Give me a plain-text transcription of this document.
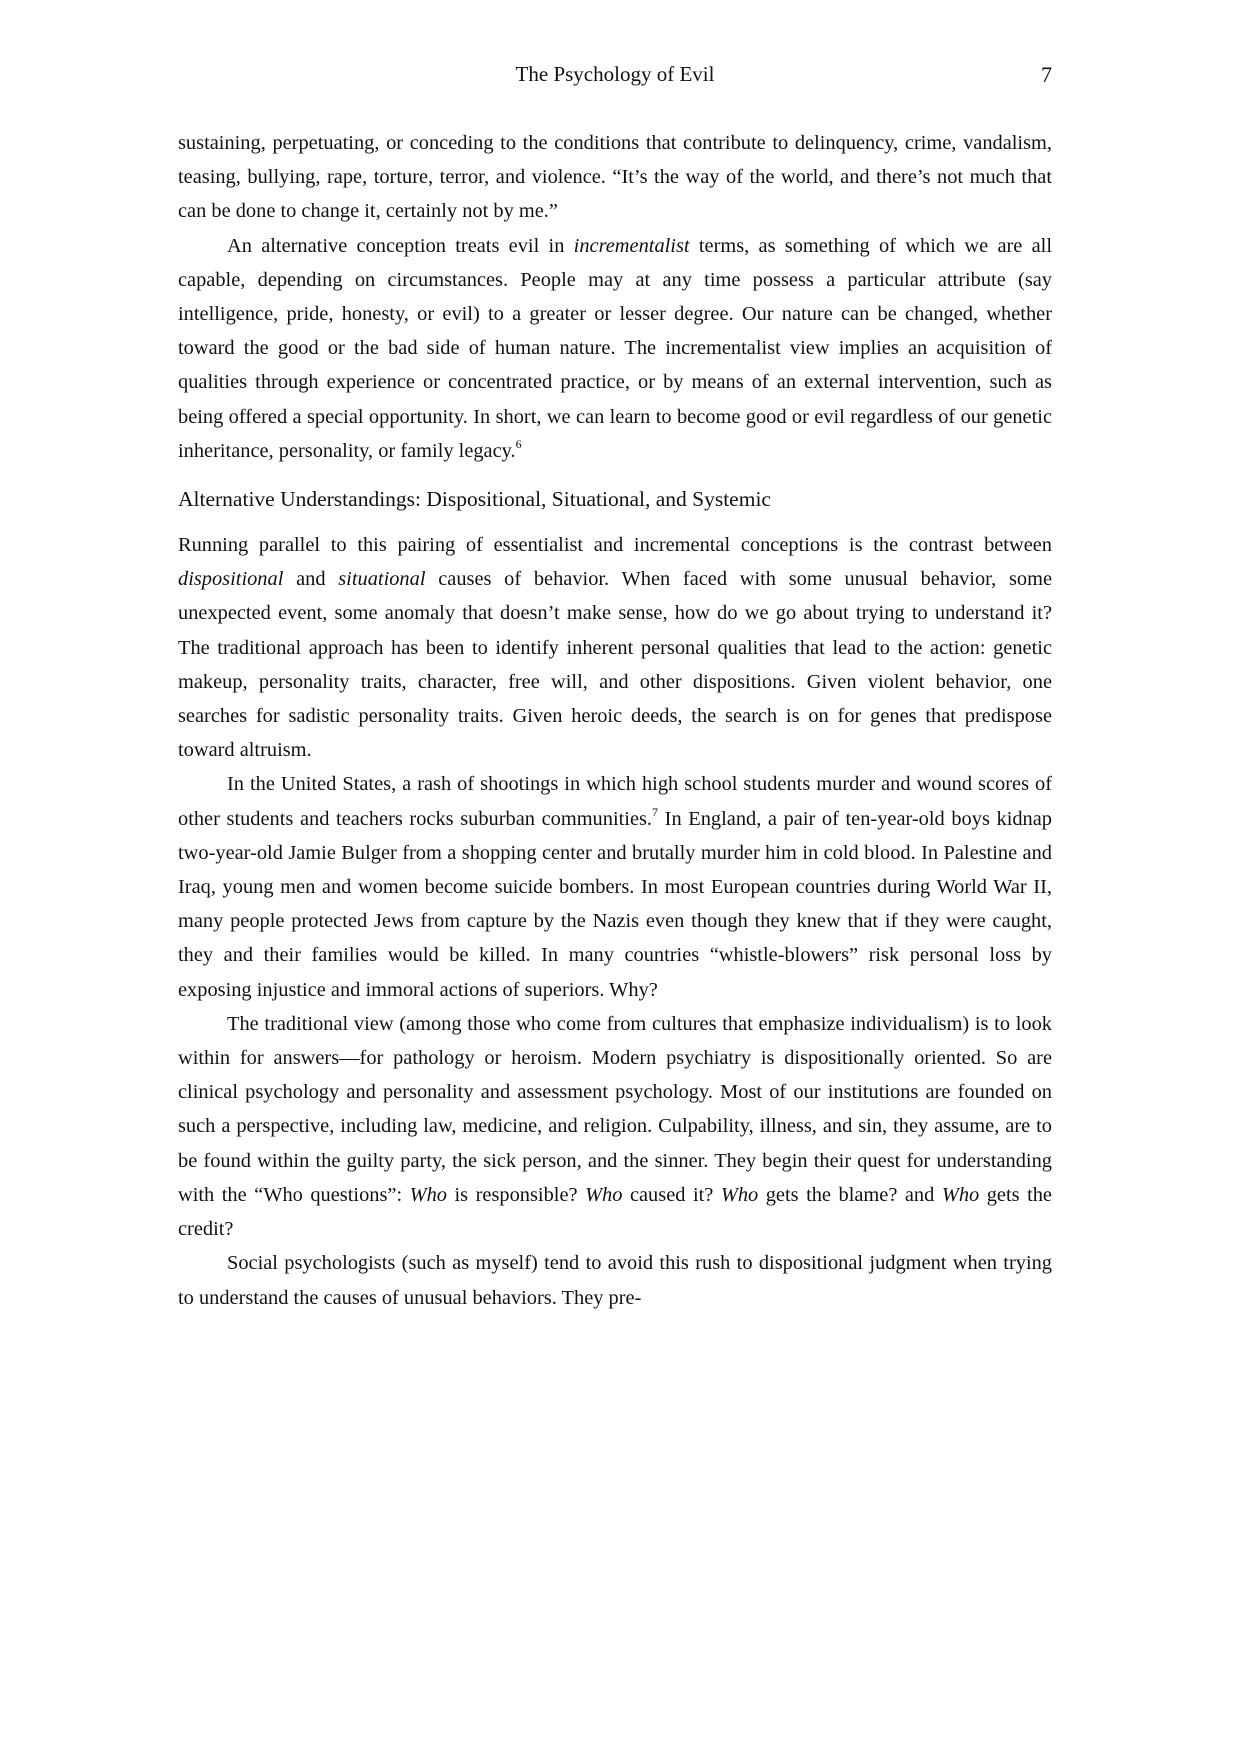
The Psychology of Evil	7

sustaining, perpetuating, or conceding to the conditions that contribute to delinquency, crime, vandalism, teasing, bullying, rape, torture, terror, and violence. “It’s the way of the world, and there’s not much that can be done to change it, certainly not by me.”

An alternative conception treats evil in incrementalist terms, as something of which we are all capable, depending on circumstances. People may at any time possess a particular attribute (say intelligence, pride, honesty, or evil) to a greater or lesser degree. Our nature can be changed, whether toward the good or the bad side of human nature. The incrementalist view implies an acquisition of qualities through experience or concentrated practice, or by means of an external intervention, such as being offered a special opportunity. In short, we can learn to become good or evil regardless of our genetic inheritance, personality, or family legacy.$^6$

Alternative Understandings: Dispositional, Situational, and Systemic

Running parallel to this pairing of essentialist and incremental conceptions is the contrast between dispositional and situational causes of behavior. When faced with some unusual behavior, some unexpected event, some anomaly that doesn’t make sense, how do we go about trying to understand it? The traditional approach has been to identify inherent personal qualities that lead to the action: genetic makeup, personality traits, character, free will, and other dispositions. Given violent behavior, one searches for sadistic personality traits. Given heroic deeds, the search is on for genes that predispose toward altruism.

In the United States, a rash of shootings in which high school students murder and wound scores of other students and teachers rocks suburban communities.$^7$ In England, a pair of ten-year-old boys kidnap two-year-old Jamie Bulger from a shopping center and brutally murder him in cold blood. In Palestine and Iraq, young men and women become suicide bombers. In most European countries during World War II, many people protected Jews from capture by the Nazis even though they knew that if they were caught, they and their families would be killed. In many countries “whistle-blowers” risk personal loss by exposing injustice and immoral actions of superiors. Why?

The traditional view (among those who come from cultures that emphasize individualism) is to look within for answers—for pathology or heroism. Modern psychiatry is dispositionally oriented. So are clinical psychology and personality and assessment psychology. Most of our institutions are founded on such a perspective, including law, medicine, and religion. Culpability, illness, and sin, they assume, are to be found within the guilty party, the sick person, and the sinner. They begin their quest for understanding with the “Who questions”: Who is responsible? Who caused it? Who gets the blame? and Who gets the credit?

Social psychologists (such as myself) tend to avoid this rush to dispositional judgment when trying to understand the causes of unusual behaviors. They pre-
